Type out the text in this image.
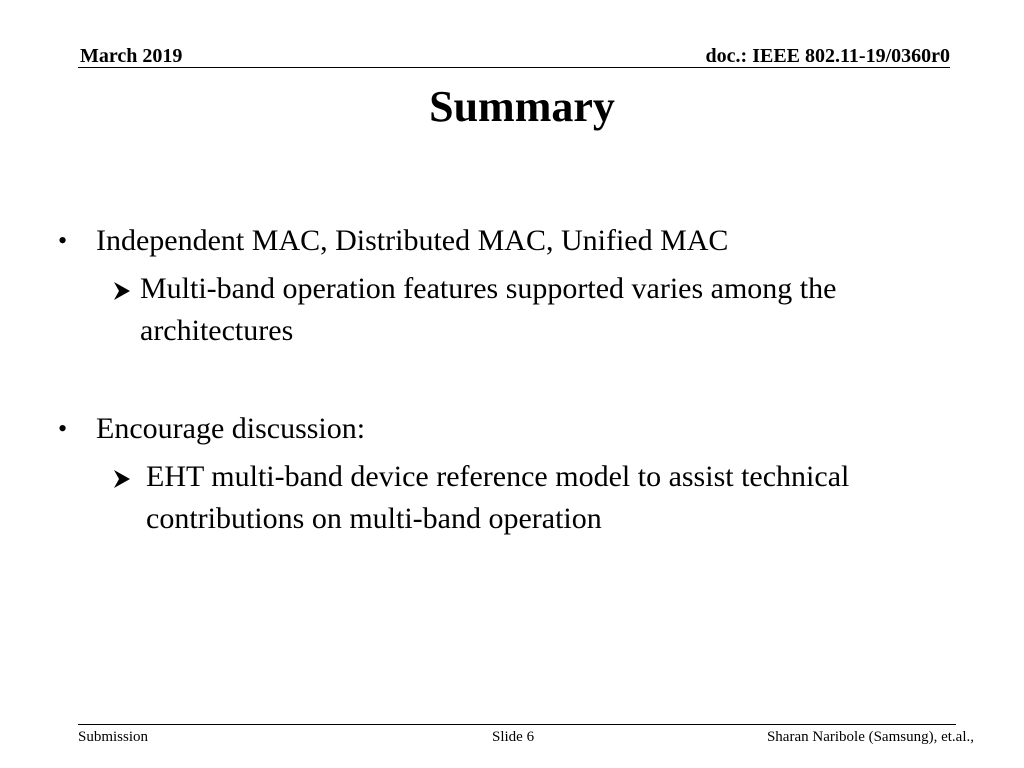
March 2019	doc.: IEEE 802.11-19/0360r0
Summary
• Independent MAC, Distributed MAC, Unified MAC
Multi-band operation features supported varies among the
architectures
• Encourage discussion:
EHT multi-band device reference model to assist technical
contributions on multi-band operation
Submission	Slide 6	Sharan Naribole (Samsung), et.al.,
